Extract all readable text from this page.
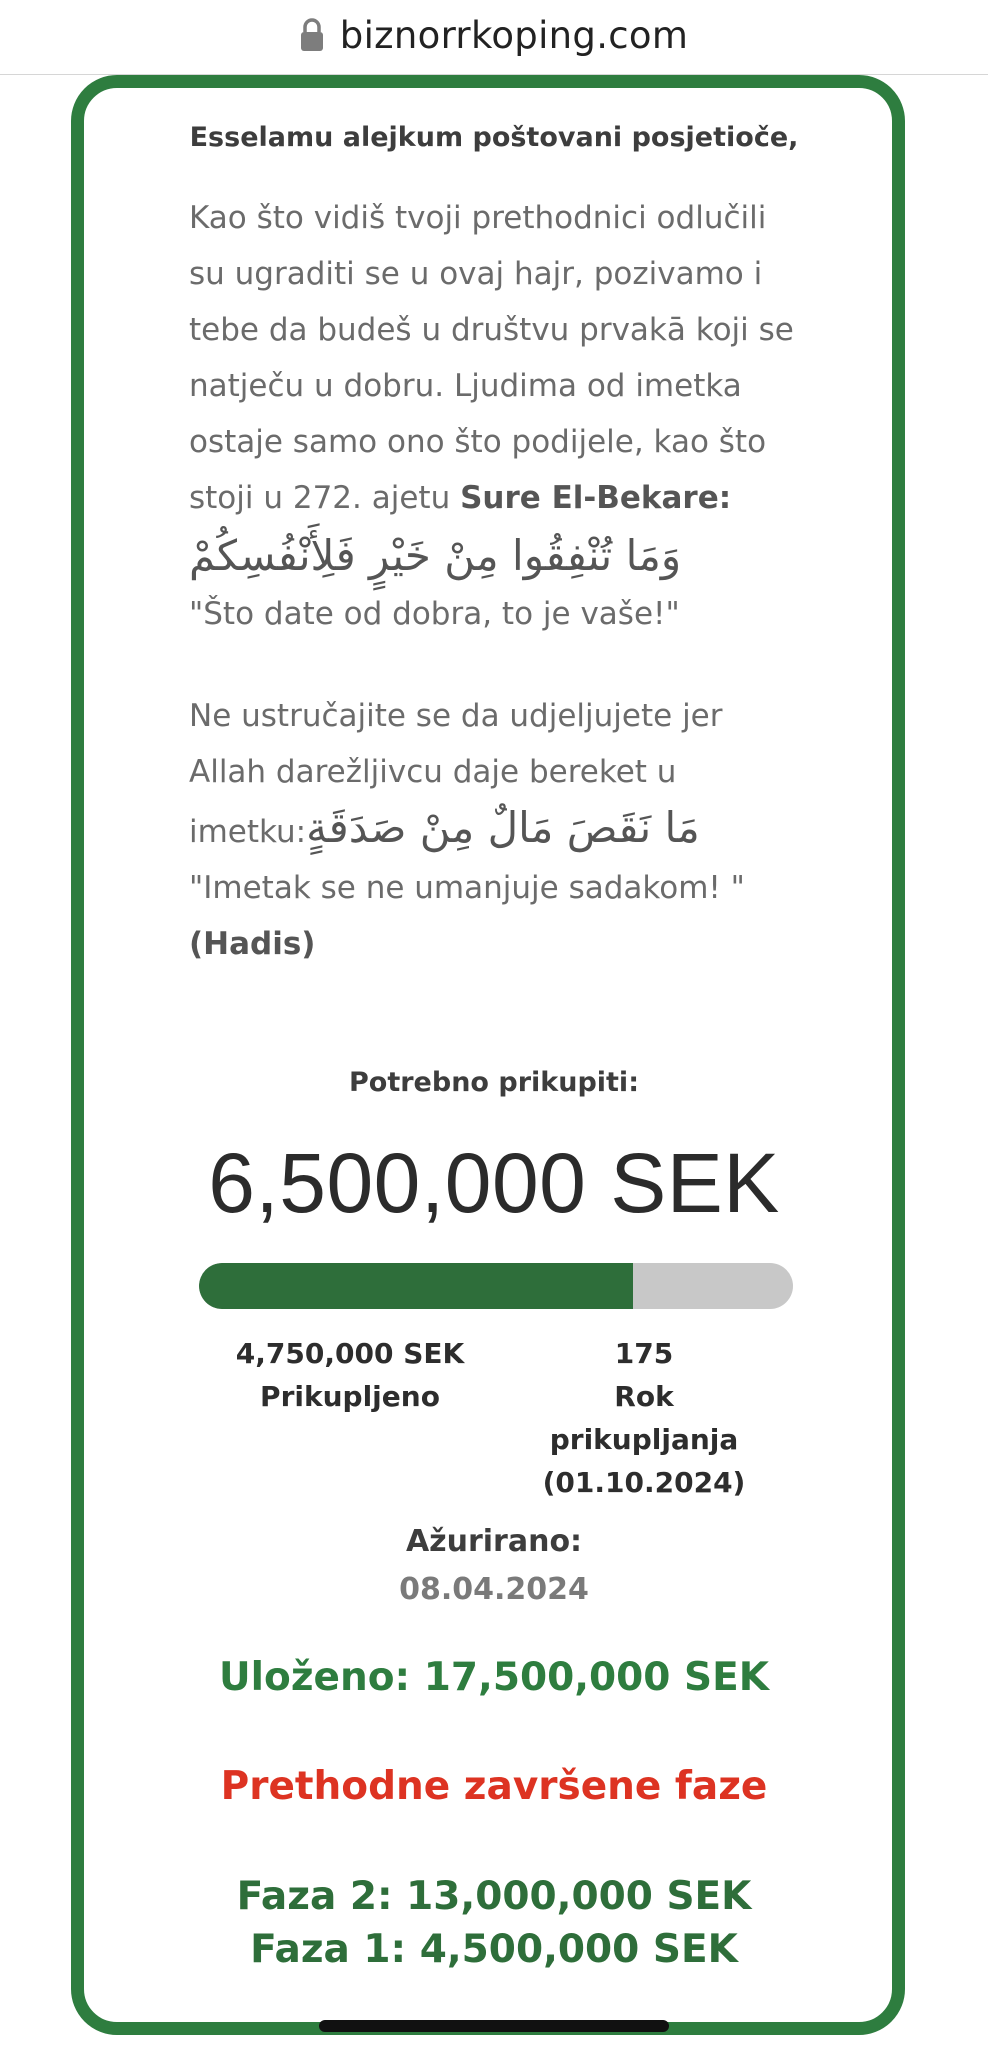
biznorrkoping.com
Esselamu alejkum poštovani posjetioče,

Kao što vidiš tvoji prethodnici odlučili
su ugraditi se u ovaj hajr, pozivamo i
tebe da budeš u društvu prvakā koji se
natječu u dobru. Ljudima od imetka
ostaje samo ono što podijele, kao što
stoji u 272. ajetu Sure El-Bekare:
وَمَا تُنْفِقُوا مِنْ خَيْرٍ فَلِأَنْفُسِكُمْ
"Što date od dobra, to je vaše!"

Ne ustručajite se da udjeljujete jer
Allah darežljivcu daje bereket u
imetku:مَا نَقَصَ مَالٌ مِنْ صَدَقَةٍ
"Imetak se ne umanjuje sadakom! "
(Hadis)

Potrebno prikupiti:
6,500,000 SEK
4,750,000 SEK
Prikupljeno
175
Rok
prikupljanja
(01.10.2024)
Ažurirano:
08.04.2024
Uloženo: 17,500,000 SEK
Prethodne završene faze
Faza 2: 13,000,000 SEK
Faza 1: 4,500,000 SEK
